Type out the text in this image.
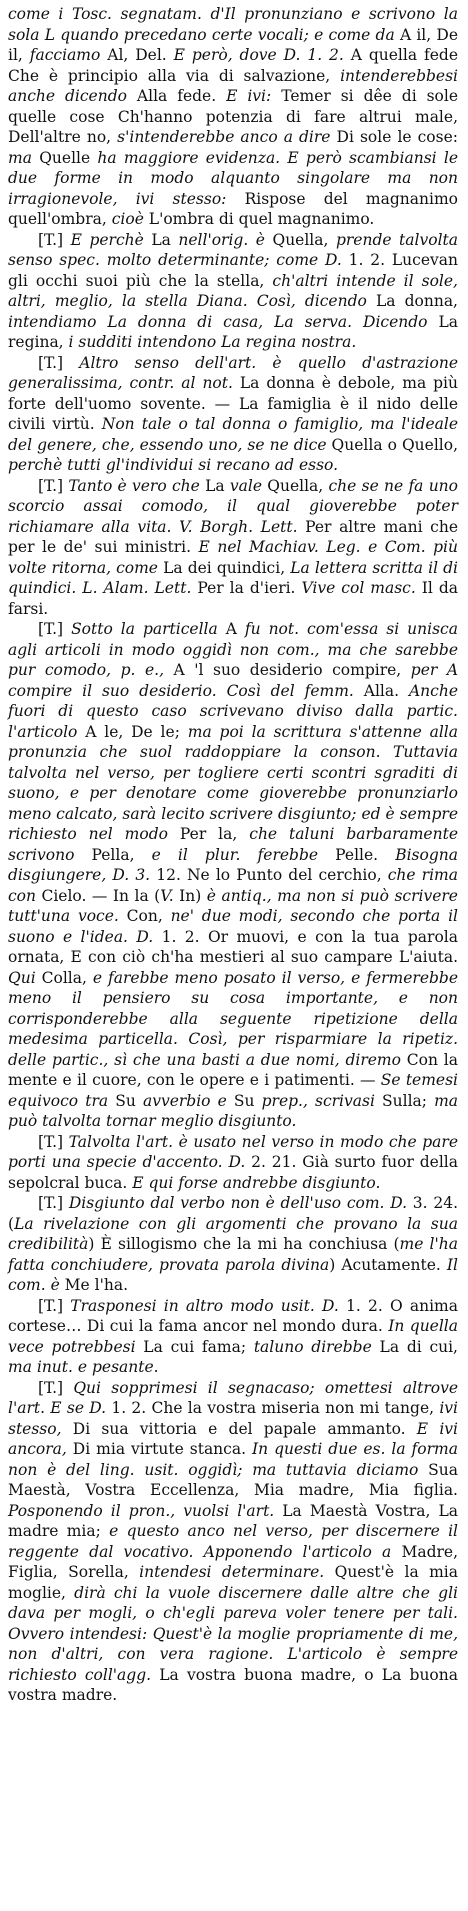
come i Tosc. segnatam. d'Il pronunziano e scrivono la sola L quando precedano certe vocali; e come da A il, De il, facciamo Al, Del. E però, dove D. 1. 2. A quella fede Che è principio alla via di salvazione, intenderebbesi anche dicendo Alla fede. E ivi: Temer si dêe di sole quelle cose Ch'hanno potenzia di fare altrui male, Dell'altre no, s'intenderebbe anco a dire Di sole le cose: ma Quelle ha maggiore evidenza. E però scambiansi le due forme in modo alquanto singolare ma non irragionevole, ivi stesso: Rispose del magnanimo quell'ombra, cioè L'ombra di quel magnanimo.

[T.] E perchè La nell'orig. è Quella, prende talvolta senso spec. molto determinante; come D. 1. 2. Lucevan gli occhi suoi più che la stella, ch'altri intende il sole, altri, meglio, la stella Diana. Così, dicendo La donna, intendiamo La donna di casa, La serva. Dicendo La regina, i sudditi intendono La regina nostra.

[T.] Altro senso dell'art. è quello d'astrazione generalissima, contr. al not. La donna è debole, ma più forte dell'uomo sovente. — La famiglia è il nido delle civili virtù. Non tale o tal donna o famiglio, ma l'ideale del genere, che, essendo uno, se ne dice Quella o Quello, perchè tutti gl'individui si recano ad esso.

[T.] Tanto è vero che La vale Quella, che se ne fa uno scorcio assai comodo, il qual gioverebbe poter richiamare alla vita. V. Borgh. Lett. Per altre mani che per le de' sui ministri. E nel Machiav. Leg. e Com. più volte ritorna, come La dei quindici, La lettera scritta il di quindici. L. Alam. Lett. Per la d'ieri. Vive col masc. Il da farsi.

[T.] Sotto la particella A fu not. com'essa si unisca agli articoli in modo oggidì non com., ma che sarebbe pur comodo, p. e., A 'l suo desiderio compire, per A compire il suo desiderio. Così del femm. Alla. Anche fuori di questo caso scrivevano diviso dalla partic. l'articolo A le, De le; ma poi la scrittura s'attenne alla pronunzia che suol raddoppiare la conson. Tuttavia talvolta nel verso, per togliere certi scontri sgraditi di suono, e per denotare come gioverebbe pronunziarlo meno calcato, sarà lecito scrivere disgiunto; ed è sempre richiesto nel modo Per la, che taluni barbaramente scrivono Pella, e il plur. ferebbe Pelle. Bisogna disgiungere, D. 3. 12. Ne lo Punto del cerchio, che rima con Cielo. — In la (V. In) è antiq., ma non si può scrivere tutt'una voce. Con, ne' due modi, secondo che porta il suono e l'idea. D. 1. 2. Or muovi, e con la tua parola ornata, E con ciò ch'ha mestieri al suo campare L'aiuta. Qui Colla, e farebbe meno posato il verso, e fermerebbe meno il pensiero su cosa importante, e non corrisponderebbe alla seguente ripetizione della medesima particella. Così, per risparmiare la ripetiz. delle partic., sì che una basti a due nomi, diremo Con la mente e il cuore, con le opere e i patimenti. — Se temesi equivoco tra Su avverbio e Su prep., scrivasi Sulla; ma può talvolta tornar meglio disgiunto.

[T.] Talvolta l'art. è usato nel verso in modo che pare porti una specie d'accento. D. 2. 21. Già surto fuor della sepolcral buca. E qui forse andrebbe disgiunto.

[T.] Disgiunto dal verbo non è dell'uso com. D. 3. 24. (La rivelazione con gli argomenti che provano la sua credibilità) È sillogismo che la mi ha conchiusa (me l'ha fatta conchiudere, provata parola divina) Acutamente. Il com. è Me l'ha.

[T.] Trasponesi in altro modo usit. D. 1. 2. O anima cortese… Di cui la fama ancor nel mondo dura. In quella vece potrebbesi La cui fama; taluno direbbe La di cui, ma inut. e pesante.

[T.] Qui sopprimesi il segnacaso; omettesi altrove l'art. E se D. 1. 2. Che la vostra miseria non mi tange, ivi stesso, Di sua vittoria e del papale ammanto. E ivi ancora, Di mia virtute stanca. In questi due es. la forma non è del ling. usit. oggidì; ma tuttavia diciamo Sua Maestà, Vostra Eccellenza, Mia madre, Mia figlia. Posponendo il pron., vuolsi l'art. La Maestà Vostra, La madre mia; e questo anco nel verso, per discernere il reggente dal vocativo. Apponendo l'articolo a Madre, Figlia, Sorella, intendesi determinare. Quest'è la mia moglie, dirà chi la vuole discernere dalle altre che gli dava per mogli, o ch'egli pareva voler tenere per tali. Ovvero intendesi: Quest'è la moglie propriamente di me, non d'altri, con vera ragione. L'articolo è sempre richiesto coll'agg. La vostra buona madre, o La buona vostra madre.
